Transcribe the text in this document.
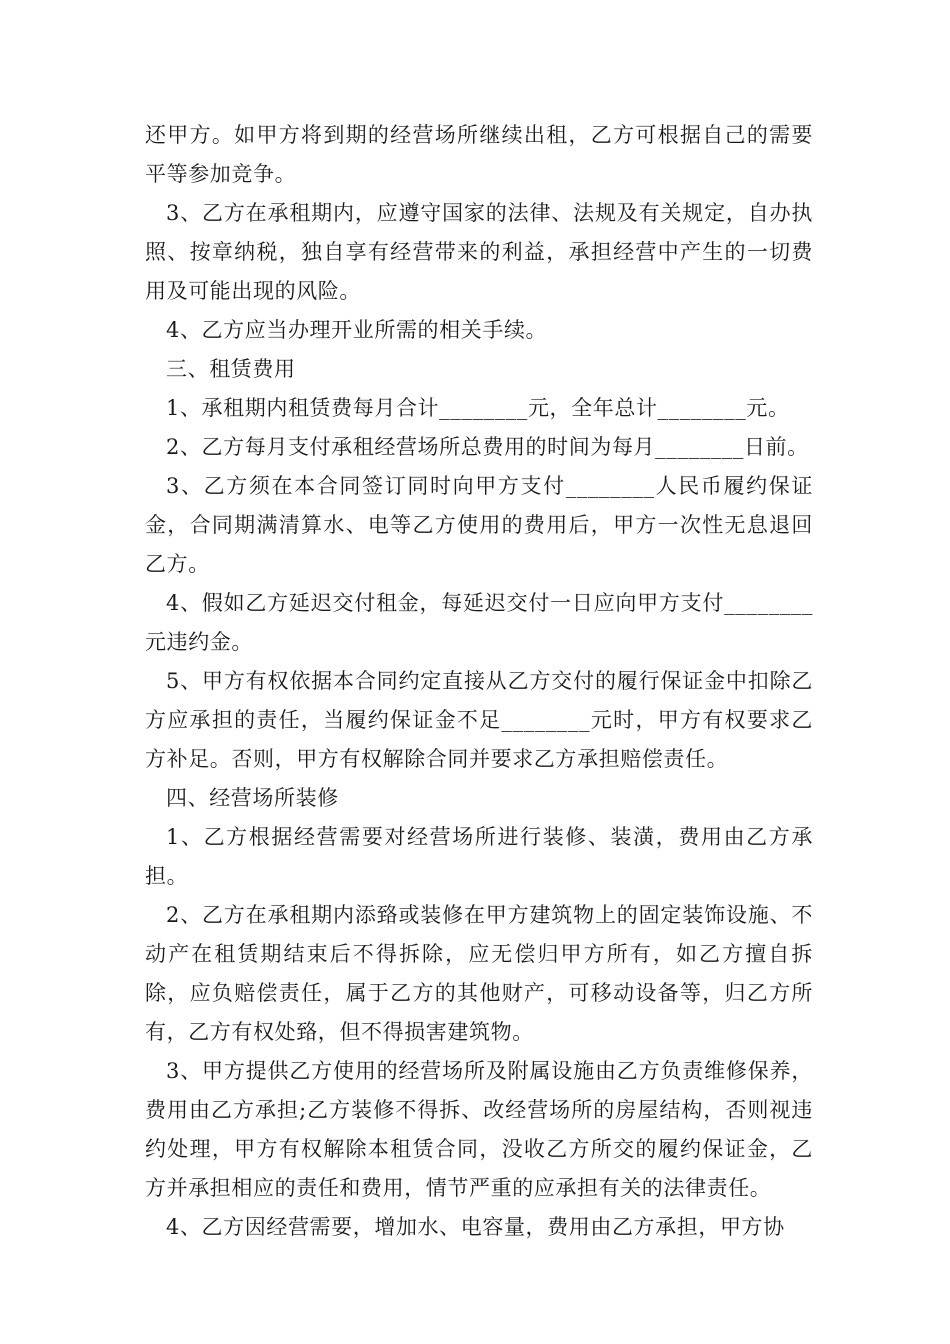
还甲方。如甲方将到期的经营场所继续出租，乙方可根据自己的需要平等参加竞争。

3、乙方在承租期内，应遵守国家的法律、法规及有关规定，自办执照、按章纳税，独自享有经营带来的利益，承担经营中产生的一切费用及可能出现的风险。

4、乙方应当办理开业所需的相关手续。

三、租赁费用

1、承租期内租赁费每月合计________元，全年总计________元。

2、乙方每月支付承租经营场所总费用的时间为每月________日前。

3、乙方须在本合同签订同时向甲方支付________人民币履约保证金，合同期满清算水、电等乙方使用的费用后，甲方一次性无息退回乙方。

4、假如乙方延迟交付租金，每延迟交付一日应向甲方支付________元违约金。

5、甲方有权依据本合同约定直接从乙方交付的履行保证金中扣除乙方应承担的责任，当履约保证金不足________元时，甲方有权要求乙方补足。否则，甲方有权解除合同并要求乙方承担赔偿责任。

四、经营场所装修

1、乙方根据经营需要对经营场所进行装修、装潢，费用由乙方承担。

2、乙方在承租期内添臵或装修在甲方建筑物上的固定装饰设施、不动产在租赁期结束后不得拆除，应无偿归甲方所有，如乙方擅自拆除，应负赔偿责任，属于乙方的其他财产，可移动设备等，归乙方所有，乙方有权处臵，但不得损害建筑物。

3、甲方提供乙方使用的经营场所及附属设施由乙方负责维修保养，费用由乙方承担;乙方装修不得拆、改经营场所的房屋结构，否则视违约处理，甲方有权解除本租赁合同，没收乙方所交的履约保证金，乙方并承担相应的责任和费用，情节严重的应承担有关的法律责任。

4、乙方因经营需要，增加水、电容量，费用由乙方承担，甲方协
